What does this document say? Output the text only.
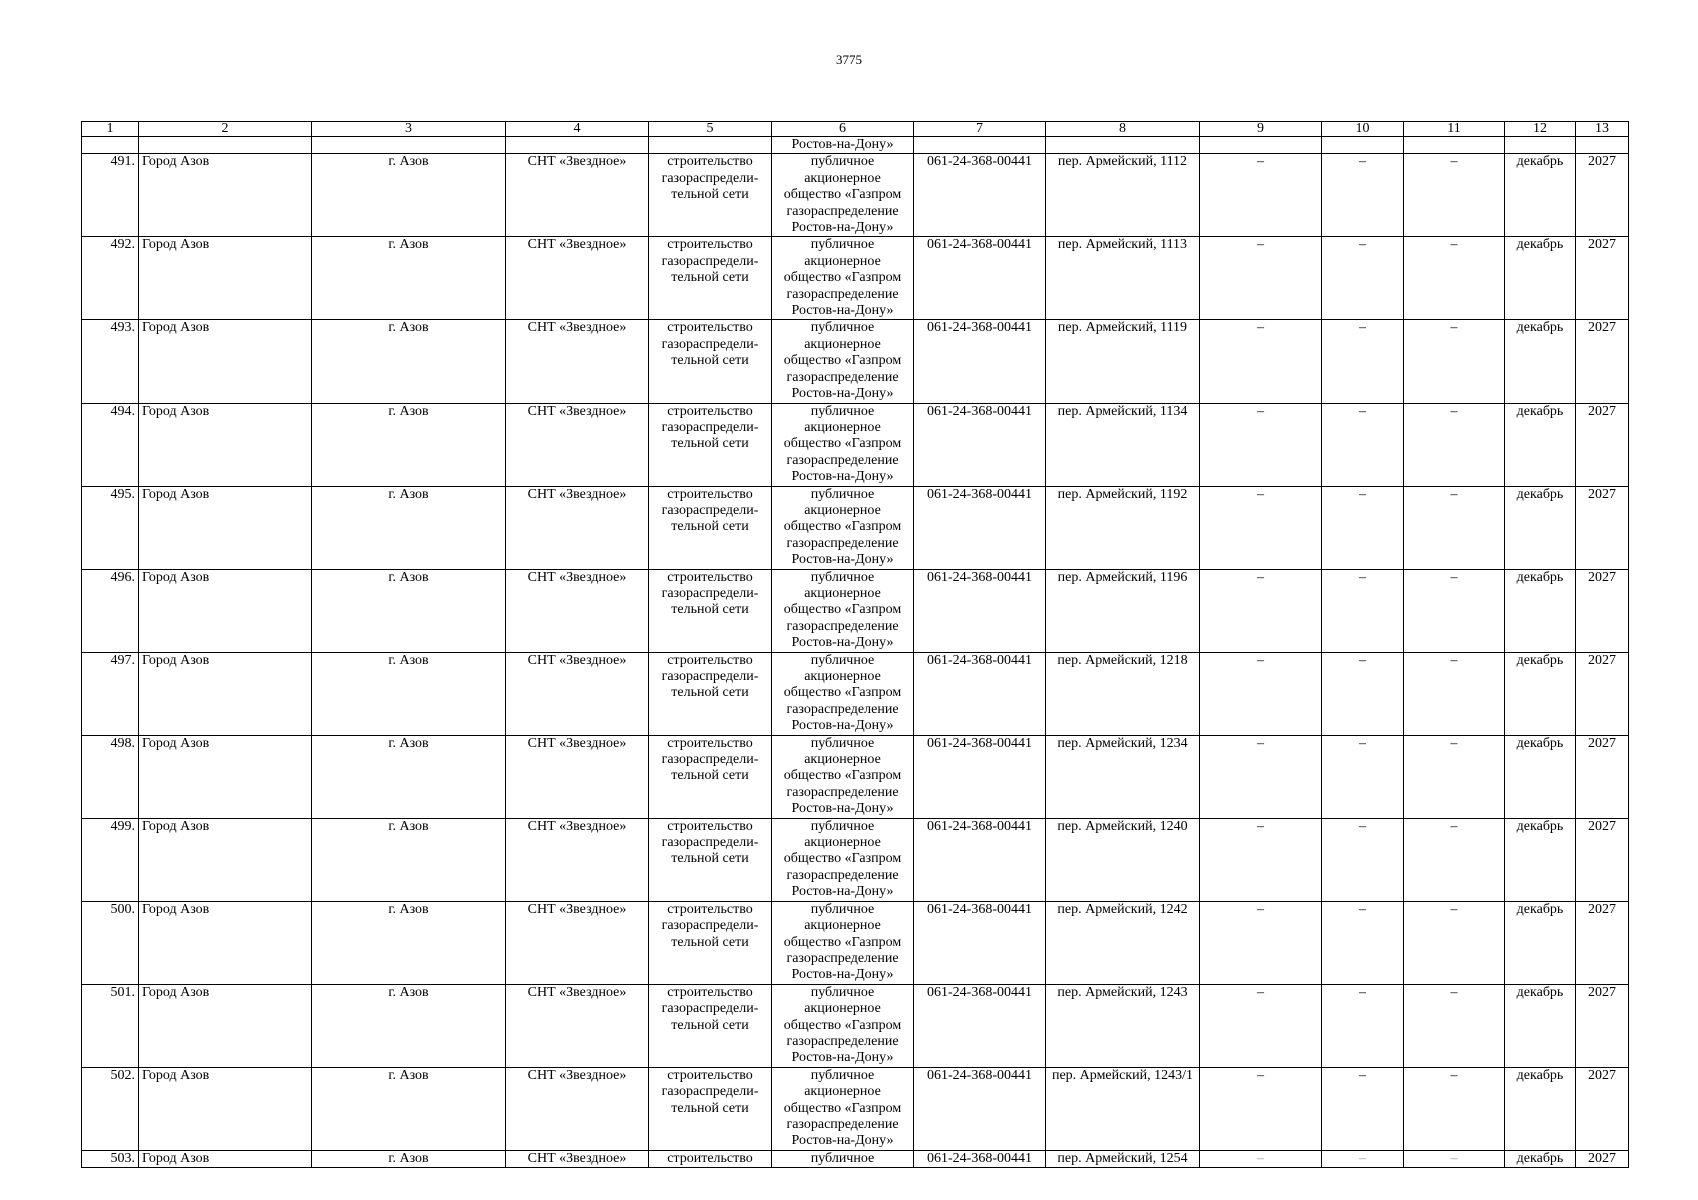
3775
1	2	3	4	5	6	7	8	9	10	11	12	13
					Ростов-на-Дону»							
491.	Город Азов	г. Азов	СНТ «Звездное»	строительство газораспредели-тельной сети	публичное акционерное общество «Газпром газораспределение Ростов-на-Дону»	061-24-368-00441	пер. Армейский, 1112	–	–	–	декабрь	2027
492.	Город Азов	г. Азов	СНТ «Звездное»	строительство газораспредели-тельной сети	публичное акционерное общество «Газпром газораспределение Ростов-на-Дону»	061-24-368-00441	пер. Армейский, 1113	–	–	–	декабрь	2027
493.	Город Азов	г. Азов	СНТ «Звездное»	строительство газораспредели-тельной сети	публичное акционерное общество «Газпром газораспределение Ростов-на-Дону»	061-24-368-00441	пер. Армейский, 1119	–	–	–	декабрь	2027
494.	Город Азов	г. Азов	СНТ «Звездное»	строительство газораспредели-тельной сети	публичное акционерное общество «Газпром газораспределение Ростов-на-Дону»	061-24-368-00441	пер. Армейский, 1134	–	–	–	декабрь	2027
495.	Город Азов	г. Азов	СНТ «Звездное»	строительство газораспредели-тельной сети	публичное акционерное общество «Газпром газораспределение Ростов-на-Дону»	061-24-368-00441	пер. Армейский, 1192	–	–	–	декабрь	2027
496.	Город Азов	г. Азов	СНТ «Звездное»	строительство газораспредели-тельной сети	публичное акционерное общество «Газпром газораспределение Ростов-на-Дону»	061-24-368-00441	пер. Армейский, 1196	–	–	–	декабрь	2027
497.	Город Азов	г. Азов	СНТ «Звездное»	строительство газораспредели-тельной сети	публичное акционерное общество «Газпром газораспределение Ростов-на-Дону»	061-24-368-00441	пер. Армейский, 1218	–	–	–	декабрь	2027
498.	Город Азов	г. Азов	СНТ «Звездное»	строительство газораспредели-тельной сети	публичное акционерное общество «Газпром газораспределение Ростов-на-Дону»	061-24-368-00441	пер. Армейский, 1234	–	–	–	декабрь	2027
499.	Город Азов	г. Азов	СНТ «Звездное»	строительство газораспредели-тельной сети	публичное акционерное общество «Газпром газораспределение Ростов-на-Дону»	061-24-368-00441	пер. Армейский, 1240	–	–	–	декабрь	2027
500.	Город Азов	г. Азов	СНТ «Звездное»	строительство газораспредели-тельной сети	публичное акционерное общество «Газпром газораспределение Ростов-на-Дону»	061-24-368-00441	пер. Армейский, 1242	–	–	–	декабрь	2027
501.	Город Азов	г. Азов	СНТ «Звездное»	строительство газораспредели-тельной сети	публичное акционерное общество «Газпром газораспределение Ростов-на-Дону»	061-24-368-00441	пер. Армейский, 1243	–	–	–	декабрь	2027
502.	Город Азов	г. Азов	СНТ «Звездное»	строительство газораспредели-тельной сети	публичное акционерное общество «Газпром газораспределение Ростов-на-Дону»	061-24-368-00441	пер. Армейский, 1243/1	–	–	–	декабрь	2027
503.	Город Азов	г. Азов	СНТ «Звездное»	строительство	публичное	061-24-368-00441	пер. Армейский, 1254	–	–	–	декабрь	2027
